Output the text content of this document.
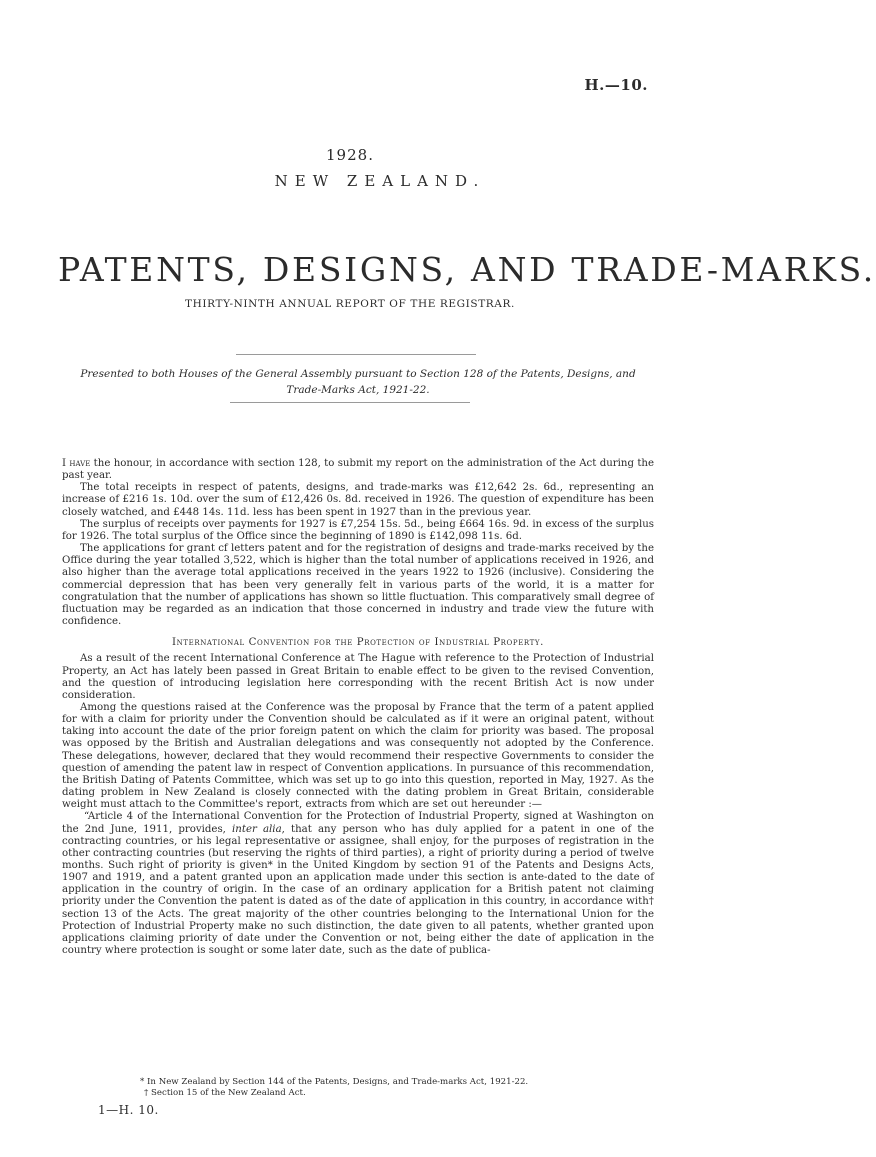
H.—10.
1928.
NEW ZEALAND.
PATENTS, DESIGNS, AND TRADE-MARKS.
THIRTY-NINTH ANNUAL REPORT OF THE REGISTRAR.
Presented to both Houses of the General Assembly pursuant to Section 128 of the Patents, Designs, and Trade-Marks Act, 1921-22.

I have the honour, in accordance with section 128, to submit my report on the administration of the Act during the past year.

The total receipts in respect of patents, designs, and trade-marks was £12,642 2s. 6d., representing an increase of £216 1s. 10d. over the sum of £12,426 0s. 8d. received in 1926. The question of expenditure has been closely watched, and £448 14s. 11d. less has been spent in 1927 than in the previous year.

The surplus of receipts over payments for 1927 is £7,254 15s. 5d., being £664 16s. 9d. in excess of the surplus for 1926. The total surplus of the Office since the beginning of 1890 is £142,098 11s. 6d.

The applications for grant cf letters patent and for the registration of designs and trade-marks received by the Office during the year totalled 3,522, which is higher than the total number of applications received in 1926, and also higher than the average total applications received in the years 1922 to 1926 (inclusive). Considering the commercial depression that has been very generally felt in various parts of the world, it is a matter for congratulation that the number of applications has shown so little fluctuation. This comparatively small degree of fluctuation may be regarded as an indication that those concerned in industry and trade view the future with confidence.

International Convention for the Protection of Industrial Property.

As a result of the recent International Conference at The Hague with reference to the Protection of Industrial Property, an Act has lately been passed in Great Britain to enable effect to be given to the revised Convention, and the question of introducing legislation here corresponding with the recent British Act is now under consideration.

Among the questions raised at the Conference was the proposal by France that the term of a patent applied for with a claim for priority under the Convention should be calculated as if it were an original patent, without taking into account the date of the prior foreign patent on which the claim for priority was based. The proposal was opposed by the British and Australian delegations and was consequently not adopted by the Conference. These delegations, however, declared that they would recommend their respective Governments to consider the question of amending the patent law in respect of Convention applications. In pursuance of this recommendation, the British Dating of Patents Committee, which was set up to go into this question, reported in May, 1927. As the dating problem in New Zealand is closely connected with the dating problem in Great Britain, considerable weight must attach to the Committee's report, extracts from which are set out hereunder :—

“Article 4 of the International Convention for the Protection of Industrial Property, signed at Washington on the 2nd June, 1911, provides, inter alia, that any person who has duly applied for a patent in one of the contracting countries, or his legal representative or assignee, shall enjoy, for the purposes of registration in the other contracting countries (but reserving the rights of third parties), a right of priority during a period of twelve months. Such right of priority is given* in the United Kingdom by section 91 of the Patents and Designs Acts, 1907 and 1919, and a patent granted upon an application made under this section is ante-dated to the date of application in the country of origin. In the case of an ordinary application for a British patent not claiming priority under the Convention the patent is dated as of the date of application in this country, in accordance with† section 13 of the Acts. The great majority of the other countries belonging to the International Union for the Protection of Industrial Property make no such distinction, the date given to all patents, whether granted upon applications claiming priority of date under the Convention or not, being either the date of application in the country where protection is sought or some later date, such as the date of publica-

* In New Zealand by Section 144 of the Patents, Designs, and Trade-marks Act, 1921-22.
† Section 15 of the New Zealand Act.
1—H. 10.
